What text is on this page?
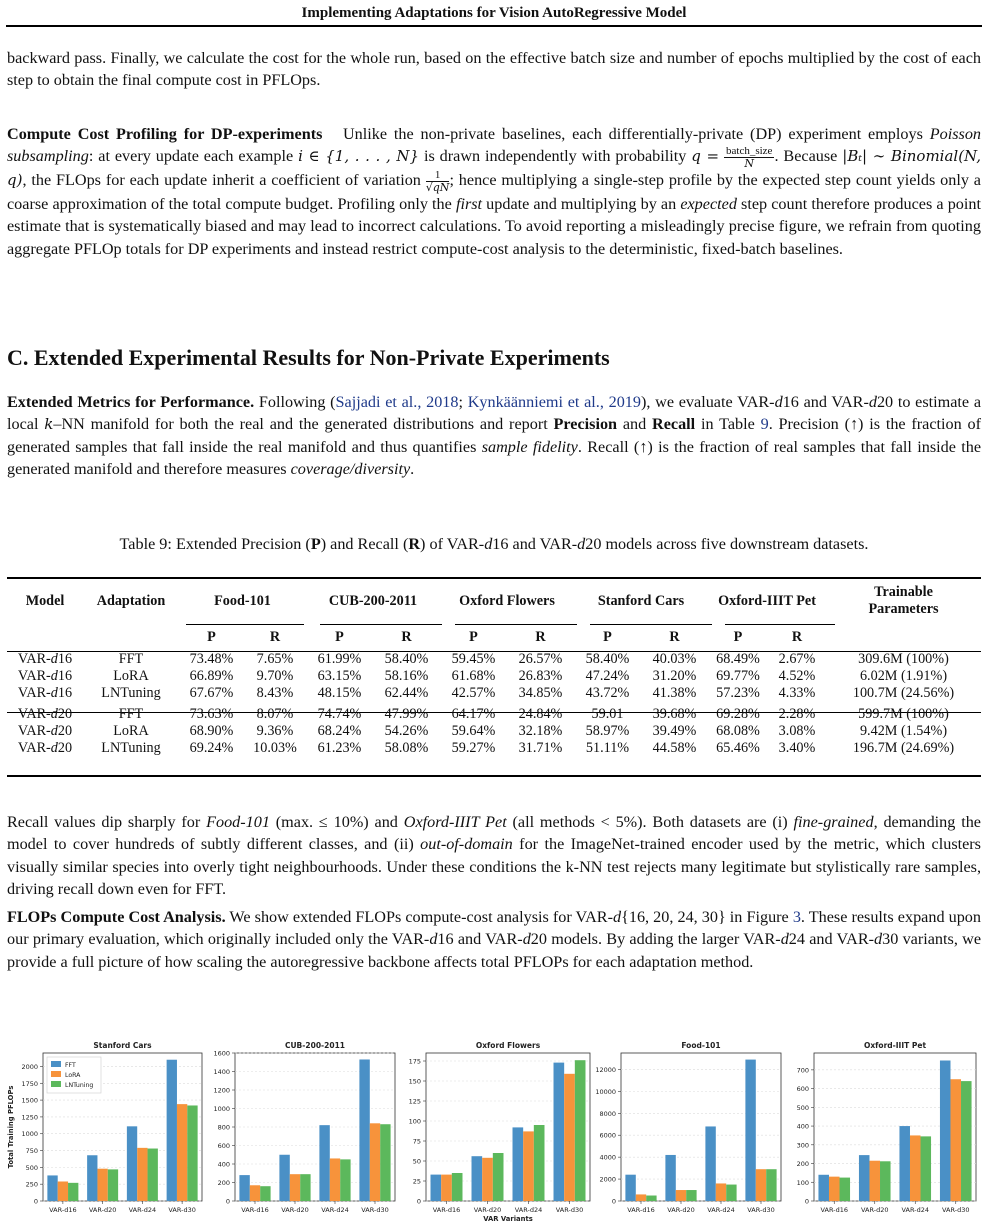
Implementing Adaptations for Vision AutoRegressive Model
backward pass. Finally, we calculate the cost for the whole run, based on the effective batch size and number of epochs multiplied by the cost of each step to obtain the final compute cost in PFLOps.
Compute Cost Profiling for DP-experiments Unlike the non-private baselines, each differentially-private (DP) experiment employs Poisson subsampling: at every update each example i ∈ {1, . . . , N} is drawn independently with probability $q = \frac{\text{batch\_size}}{N}$ . Because |Bₜ| ∼ Binomial(N, q), the FLOps for each update inherit a coefficient of variation $\frac{1}{√qN}$ ; hence multiplying a single-step profile by the expected step count yields only a coarse approximation of the total compute budget. Profiling only the first update and multiplying by an expected step count therefore produces a point estimate that is systematically biased and may lead to incorrect calculations. To avoid reporting a misleadingly precise figure, we refrain from quoting aggregate PFLOp totals for DP experiments and instead restrict compute-cost analysis to the deterministic, fixed-batch baselines.
C. Extended Experimental Results for Non-Private Experiments
Extended Metrics for Performance. Following (Sajjadi et al., 2018; Kynkäänniemi et al., 2019), we evaluate VAR-d16 and VAR-d20 to estimate a local k–NN manifold for both the real and the generated distributions and report Precision and Recall in Table 9. Precision (↑) is the fraction of generated samples that fall inside the real manifold and thus quantifies sample fidelity. Recall (↑) is the fraction of real samples that fall inside the generated manifold and therefore measures coverage/diversity.
Table 9: Extended Precision (P) and Recall (R) of VAR-d16 and VAR-d20 models across five downstream datasets.
Model	Adaptation	Food-101		CUB-200-2011		Oxford Flowers		Stanford Cars		Oxford-IIIT Pet		Trainable
Parameters
		P	R	P	R	P	R	P	R	P	R	
VAR-d16	FFT	73.48%	7.65%	61.99%	58.40%	59.45%	26.57%	58.40%	40.03%	68.49%	2.67%	309.6M (100%)
VAR-d16	LoRA	66.89%	9.70%	63.15%	58.16%	61.68%	26.83%	47.24%	31.20%	69.77%	4.52%	6.02M (1.91%)
VAR-d16	LNTuning	67.67%	8.43%	48.15%	62.44%	42.57%	34.85%	43.72%	41.38%	57.23%	4.33%	100.7M (24.56%)

VAR-d20	FFT	73.63%	8.07%	74.74%	47.99%	64.17%	24.84%	59.01	39.68%	69.28%	2.28%	599.7M (100%)
VAR-d20	LoRA	68.90%	9.36%	68.24%	54.26%	59.64%	32.18%	58.97%	39.49%	68.08%	3.08%	9.42M (1.54%)
VAR-d20	LNTuning	69.24%	10.03%	61.23%	58.08%	59.27%	31.71%	51.11%	44.58%	65.46%	3.40%	196.7M (24.69%)
Recall values dip sharply for Food-101 (max. ≤ 10%) and Oxford-IIIT Pet (all methods < 5%). Both datasets are (i) fine-grained, demanding the model to cover hundreds of subtly different classes, and (ii) out-of-domain for the ImageNet-trained encoder used by the metric, which clusters visually similar species into overly tight neighbourhoods. Under these conditions the k-NN test rejects many legitimate but stylistically rare samples, driving recall down even for FFT.
FLOPs Compute Cost Analysis. We show extended FLOPs compute-cost analysis for VAR-d{16, 20, 24, 30} in Figure 3. These results expand upon our primary evaluation, which originally included only the VAR-d16 and VAR-d20 models. By adding the larger VAR-d24 and VAR-d30 variants, we provide a full picture of how scaling the autoregressive backbone affects total PFLOPs for each adaptation method.
0
250
500
750
1000
1250
1500
1750
2000
VAR-d16 VAR-d20 VAR-d24 VAR-d30
Stanford Cars
Total Training PFLOPs
FFT
LoRA
LNTuning
0
200
400
600
800
1000
1200
1400
1600
VAR-d16 VAR-d20 VAR-d24 VAR-d30
CUB-200-2011
0
25
50
75
100
125
150
175
VAR-d16 VAR-d20 VAR-d24 VAR-d30
Oxford Flowers
VAR Variants
0
2000
4000
6000
8000
10000
12000
VAR-d16 VAR-d20 VAR-d24 VAR-d30
Food-101
0
100
200
300
400
500
600
700
VAR-d16 VAR-d20 VAR-d24 VAR-d30
Oxford-IIIT Pet
